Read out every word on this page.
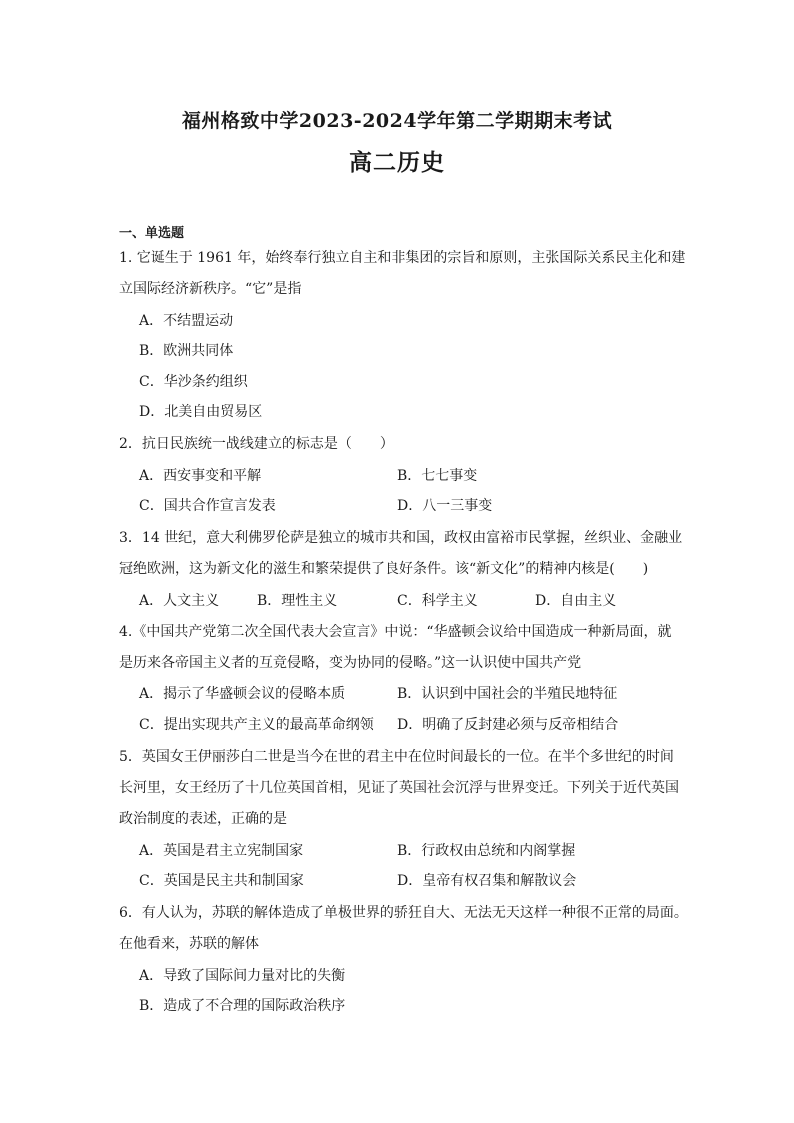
福州格致中学2023-2024学年第二学期期末考试
高二历史
一、单选题
1. 它诞生于 1961 年，始终奉行独立自主和非集团的宗旨和原则，主张国际关系民主化和建
立国际经济新秩序。“它”是指
A．不结盟运动
B．欧洲共同体
C．华沙条约组织
D．北美自由贸易区
2．抗日民族统一战线建立的标志是（　　）
A．西安事变和平解	B．七七事变
C．国共合作宣言发表	D．八一三事变
3．14 世纪，意大利佛罗伦萨是独立的城市共和国，政权由富裕市民掌握，丝织业、金融业
冠绝欧洲，这为新文化的滋生和繁荣提供了良好条件。该“新文化”的精神内核是(　　)
A．人文主义	B．理性主义	C．科学主义	D．自由主义
4.《中国共产党第二次全国代表大会宣言》中说：“华盛顿会议给中国造成一种新局面，就
是历来各帝国主义者的互竞侵略，变为协同的侵略。”这一认识使中国共产党
A．揭示了华盛顿会议的侵略本质	B．认识到中国社会的半殖民地特征
C．提出实现共产主义的最高革命纲领 D．明确了反封建必须与反帝相结合
5．英国女王伊丽莎白二世是当今在世的君主中在位时间最长的一位。在半个多世纪的时间
长河里，女王经历了十几位英国首相，见证了英国社会沉浮与世界变迁。下列关于近代英国
政治制度的表述，正确的是
A．英国是君主立宪制国家	B．行政权由总统和内阁掌握
C．英国是民主共和制国家	D．皇帝有权召集和解散议会
6．有人认为，苏联的解体造成了单极世界的骄狂自大、无法无天这样一种很不正常的局面。
在他看来，苏联的解体
A．导致了国际间力量对比的失衡
B．造成了不合理的国际政治秩序
